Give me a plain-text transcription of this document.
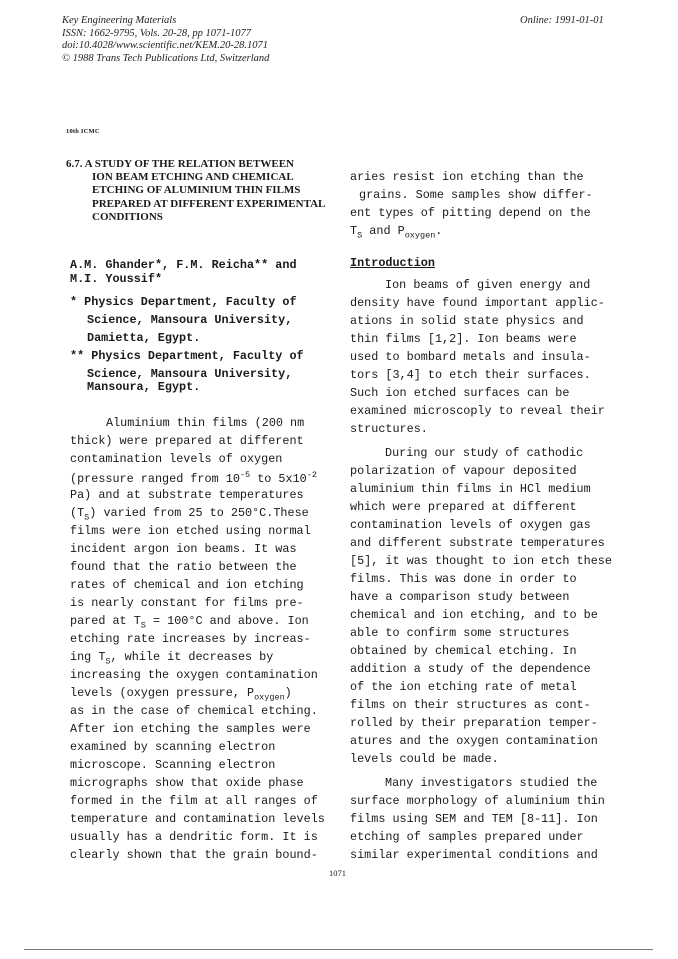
Key Engineering Materials
ISSN: 1662-9795, Vols. 20-28, pp 1071-1077
doi:10.4028/www.scientific.net/KEM.20-28.1071
© 1988 Trans Tech Publications Ltd, Switzerland
Online: 1991-01-01
10th ICMC
6.7. A STUDY OF THE RELATION BETWEEN
ION BEAM ETCHING AND CHEMICAL
ETCHING OF ALUMINIUM THIN FILMS
PREPARED AT DIFFERENT EXPERIMENTAL
CONDITIONS
A.M. Ghander*, F.M. Reicha** and
M.I. Youssif*
* Physics Department, Faculty of
Science, Mansoura University,
Damietta, Egypt.
** Physics Department, Faculty of
Science, Mansoura University,
Mansoura, Egypt.
Aluminium thin films (200 nm
thick) were prepared at different
contamination levels of oxygen
(pressure ranged from $10^{-5}$ to $5x10^{-2}$
Pa) and at substrate temperatures
$(T_S)$ varied from 25 to 250°C.These
films were ion etched using normal
incident argon ion beams. It was
found that the ratio between the
rates of chemical and ion etching
is nearly constant for films pre-
pared at $T_S = 100^\circ C$ and above. Ion
etching rate increases by increas-
ing $T_S$, while it decreases by
increasing the oxygen contamination
levels (oxygen pressure, $P_{oxygen}$)
as in the case of chemical etching.
After ion etching the samples were
examined by scanning electron
microscope. Scanning electron
micrographs show that oxide phase
formed in the film at all ranges of
temperature and contamination levels
usually has a dendritic form. It is
clearly shown that the grain bound-
aries resist ion etching than the
grains. Some samples show differ-
ent types of pitting depend on the
$T_S$ and $P_{oxygen}$.
Introduction
Ion beams of given energy and
density have found important applic-
ations in solid state physics and
thin films [1,2]. Ion beams were
used to bombard metals and insula-
tors [3,4] to etch their surfaces.
Such ion etched surfaces can be
examined microscoply to reveal their
structures.
During our study of cathodic
polarization of vapour deposited
aluminium thin films in HCl medium
which were prepared at different
contamination levels of oxygen gas
and different substrate temperatures
[5], it was thought to ion etch these
films. This was done in order to
have a comparison study between
chemical and ion etching, and to be
able to confirm some structures
obtained by chemical etching. In
addition a study of the dependence
of the ion etching rate of metal
films on their structures as cont-
rolled by their preparation temper-
atures and the oxygen contamination
levels could be made.
Many investigators studied the
surface morphology of aluminium thin
films using SEM and TEM [8-11]. Ion
etching of samples prepared under
similar experimental conditions and
1071
